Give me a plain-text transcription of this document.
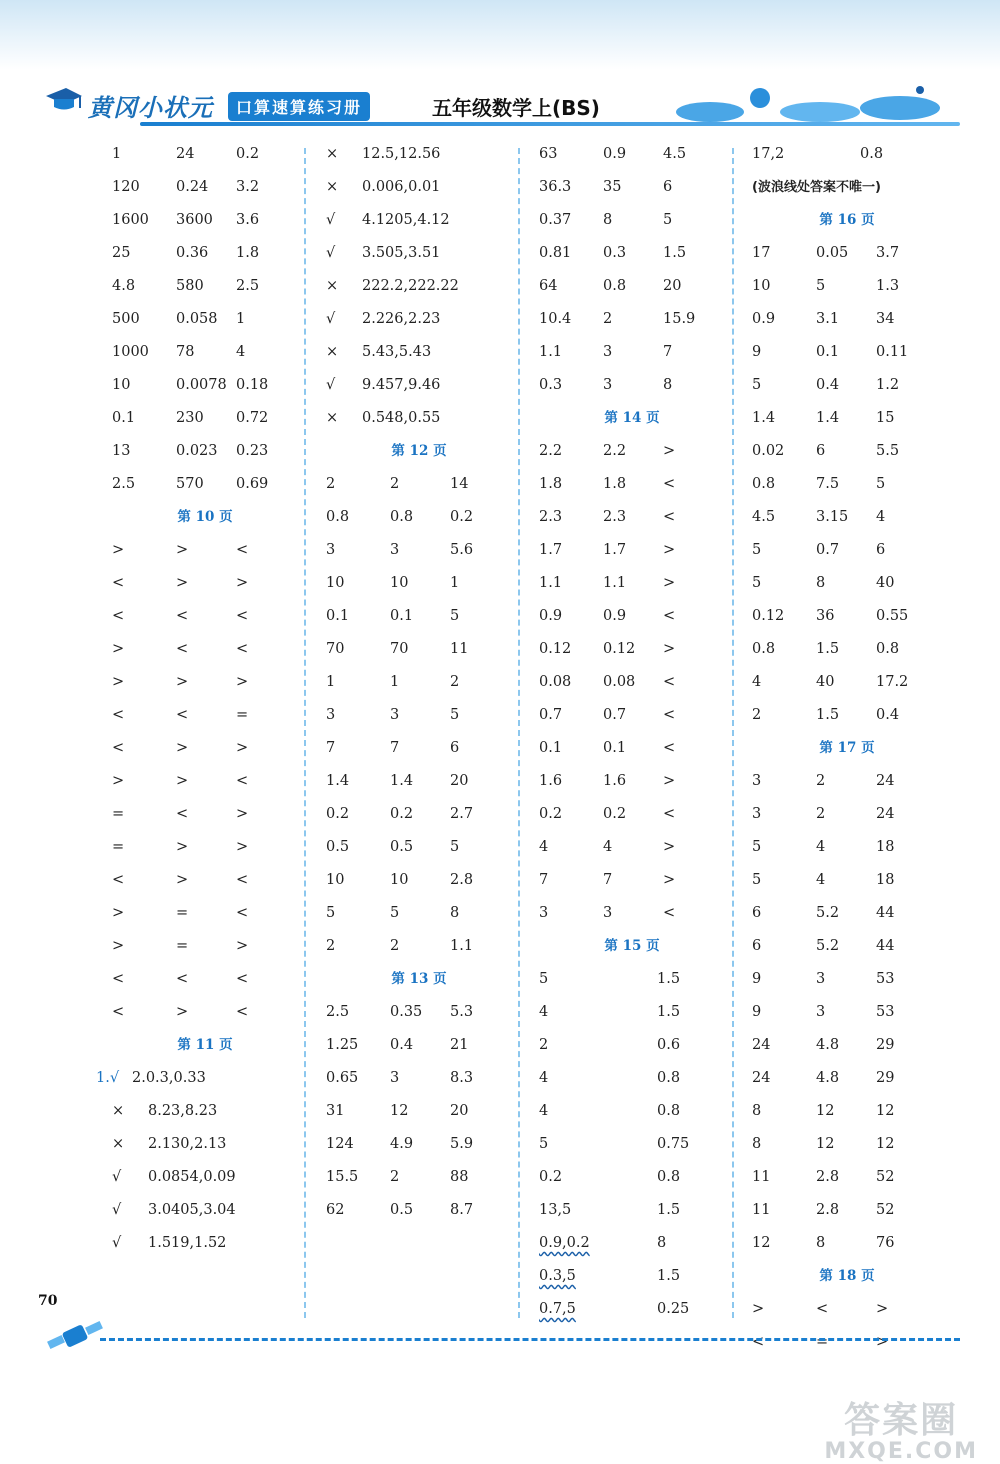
黄冈小状元	口算速算练习册	五年级数学上(BS)
1	24	0.2
120	0.24 3.2
1600 3600 3.6
25	0.36 1.8
4.8	580 2.5
500	0.058 1
1000 78	4
10	0.0078 0.18
0.1	230 0.72
13	0.023 0.23
2.5	570 0.69
第 10 页
>	>	<
<	>	>
<	<	<
>	<	<
>	>	>
<	<	=
<	>	>
>	>	<
=	<	>
=	>	>
<	>	<
>	=	<
>	=	>
<	<	<
<	>	<
第 11 页
1.√ 2.0.3,0.33
× 8.23,8.23
× 2.130,2.13
√ 0.0854,0.09
√ 3.0405,3.04
√ 1.519,1.52
× 12.5,12.56
× 0.006,0.01
√ 4.1205,4.12
√ 3.505,3.51
× 222.2,222.22
√ 2.226,2.23
× 5.43,5.43
√ 9.457,9.46
× 0.548,0.55
第 12 页
2	2	14
0.8	0.8	0.2
3	3	5.6
10	10	1
0.1	0.1	5
70	70	11
1	1	2
3	3	5
7	7	6
1.4	1.4	20
0.2	0.2	2.7
0.5	0.5	5
10	10	2.8
5	5	8
2	2	1.1
第 13 页
2.5	0.35 5.3
1.25 0.4	21
0.65 3	8.3
31	12	20
124	4.9	5.9
15.5 2	88
62	0.5	8.7
63	0.9	4.5
36.3 35	6
0.37 8	5
0.81 0.3	1.5
64	0.8	20
10.4 2	15.9
1.1	3	7
0.3	3	8
第 14 页
2.2	2.2	>
1.8	1.8	<
2.3	2.3	<
1.7	1.7	>
1.1	1.1	>
0.9	0.9	<
0.12 0.12 >
0.08 0.08 <
0.7	0.7	<
0.1	0.1	<
1.6	1.6	>
0.2	0.2	<
4	4	>
7	7	>
3	3	<
第 15 页
5	1.5
4	1.5
2	0.6
4	0.8
4	0.8
5	0.75
0.2	0.8
13,5	1.5
0.9,0.2	8
0.3,5	1.5
0.7,5	0.25
17,2	0.8
(波浪线处答案不唯一)
第 16 页
17	0.05 3.7
10	5	1.3
0.9	3.1	34
9	0.1	0.11
5	0.4	1.2
1.4	1.4	15
0.02 6	5.5
0.8	7.5	5
4.5	3.15 4
5	0.7	6
5	8	40
0.12 36	0.55
0.8	1.5	0.8
4	40	17.2
2	1.5	0.4
第 17 页
3	2	24
3	2	24
5	4	18
5	4	18
6	5.2	44
6	5.2	44
9	3	53
9	3	53
24	4.8	29
24	4.8	29
8	12	12
8	12	12
11	2.8	52
11	2.8	52
12	8	76
第 18 页
>	<	>
<	=	>
70
答案圈
MXQE.COM
